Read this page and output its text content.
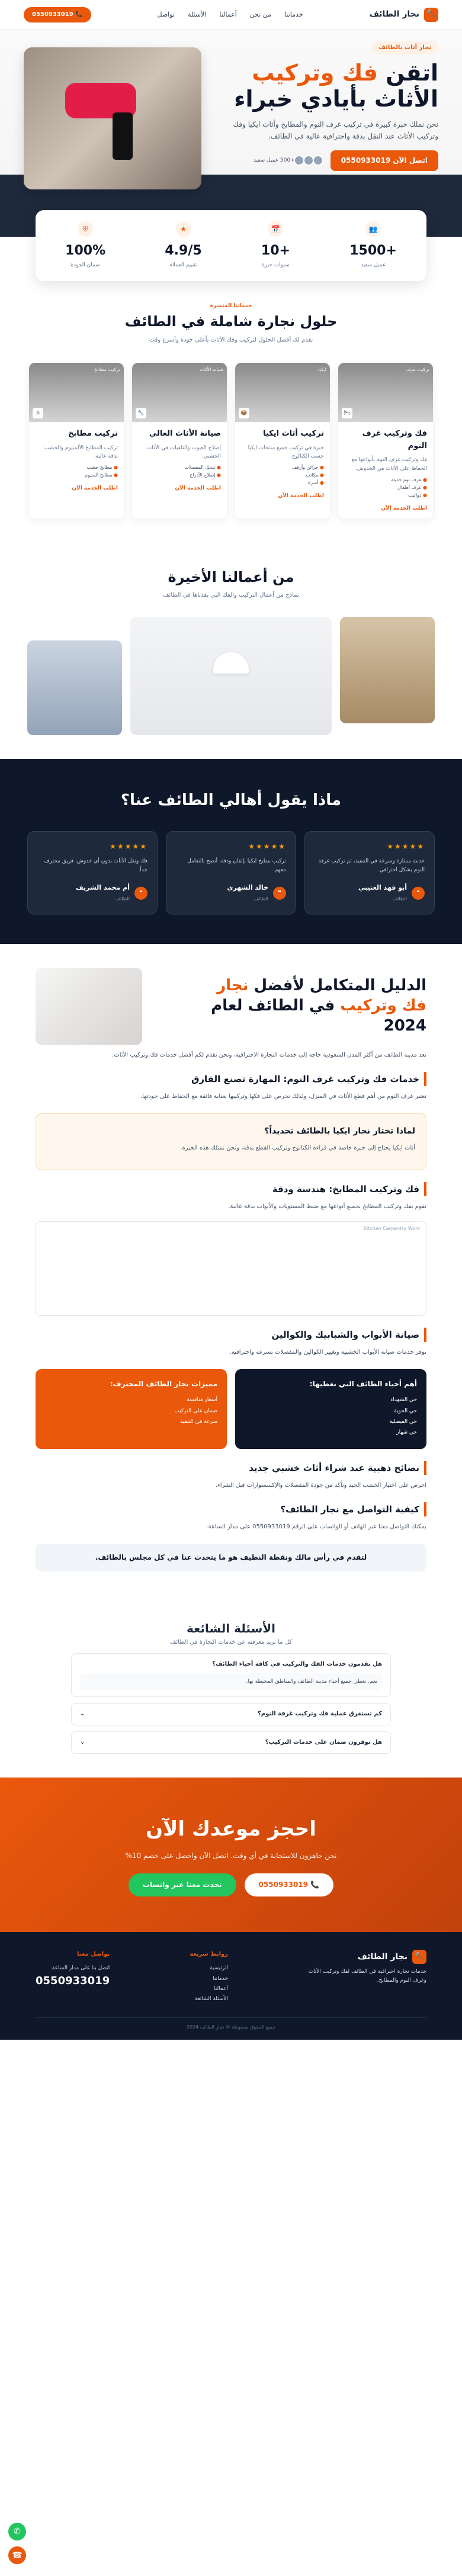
🔨
نجار الطائف
خدماتنا
من نحن
أعمالنا
الأسئلة
تواصل
📞 0550933019
نجار أثاث بالطائف
اتقن فك وتركيب الأثاث بأيادي خبراء

نحن نملك خبرة كبيرة في تركيب غرف النوم والمطابخ وأثاث ايكيا وفك وتركيب الأثاث عند النقل بدقة واحترافية عالية في الطائف.

اتصل الآن 0550933019
+500 عميل سعيد
👥
+1500
عميل سعيد
📅
+10
سنوات خبرة
★
4.9/5
تقييم العملاء
⛨
100%
ضمان الجودة
خدماتنا المتميزة
حلول نجارة شاملة في الطائف
نقدم لك أفضل الحلول لتركيب وفك الأثاث بأعلى جودة وأسرع وقت
تركيب غرف
🛏
فك وتركيب غرف النوم

فك وتركيب غرف النوم بأنواعها مع الحفاظ على الأثاث من الخدوش.

● غرف نوم حديثة
● غرف أطفال
● دواليب
اطلب الخدمة الآن
ايكيا
📦
تركيب أثاث ايكيا

خبرة في تركيب جميع منتجات ايكيا حسب الكتالوج.

● خزائن وأرفف
● مكاتب
● أسرة
اطلب الخدمة الآن
صيانة الأثاث
🔧
صيانة الأثاث العالي

إصلاح العيوب والتلفيات في الأثاث الخشبي.

● تبديل المفصلات
● إصلاح الأدراج
اطلب الخدمة الآن
تركيب مطابخ
⌂
تركيب مطابخ

تركيب المطابخ الألمنيوم والخشب بدقة عالية.

● مطابخ خشب
● مطابخ ألمنيوم
اطلب الخدمة الآن
من أعمالنا الأخيرة
نماذج من أعمال التركيب والفك التي نفذناها في الطائف
ماذا يقول أهالي الطائف عنا؟
★★★★★

خدمة ممتازة وسرعة في التنفيذ، تم تركيب غرفة النوم بشكل احترافي.

❝
أبو فهد العتيبي
الطائف
★★★★★

تركيب مطبخ ايكيا بإتقان ودقة، أنصح بالتعامل معهم.

❝
خالد الشهري
الطائف
★★★★★

فك ونقل الأثاث بدون أي خدوش، فريق محترف جداً.

❝
أم محمد الشريف
الطائف
الدليل المتكامل لأفضل نجار فك وتركيب في الطائف لعام 2024

تعد مدينة الطائف من أكثر المدن السعودية حاجة إلى خدمات النجارة الاحترافية، ونحن نقدم لكم أفضل خدمات فك وتركيب الأثاث.

خدمات فك وتركيب غرف النوم: المهارة تصنع الفارق

تعتبر غرف النوم من أهم قطع الأثاث في المنزل، ولذلك نحرص على فكها وتركيبها بعناية فائقة مع الحفاظ على جودتها.

لماذا تختار نجار ايكيا بالطائف تحديداً؟

أثاث ايكيا يحتاج إلى خبرة خاصة في قراءة الكتالوج وتركيب القطع بدقة، ونحن نمتلك هذه الخبرة.

فك وتركيب المطابخ: هندسة ودقة

نقوم بفك وتركيب المطابخ بجميع أنواعها مع ضبط المستويات والأبواب بدقة عالية.

Kitchen Carpentry Work
صيانة الأبواب والشبابيك والكوالين

نوفر خدمات صيانة الأبواب الخشبية وتغيير الكوالين والمفصلات بسرعة واحترافية.

أهم أحياء الطائف التي نغطيها:
حي الشهداء
حي الحوية
حي الفيصلية
حي شهار
مميزات نجار الطائف المحترف:
أسعار منافسة
ضمان على التركيب
سرعة في التنفيذ
نصائح ذهبية عند شراء أثاث خشبي جديد

احرص على اختيار الخشب الجيد وتأكد من جودة المفصلات والإكسسوارات قبل الشراء.

كيفية التواصل مع نجار الطائف؟

يمكنك التواصل معنا عبر الهاتف أو الواتساب على الرقم 0550933019 على مدار الساعة.

لتقدم في رأس مالك ونقطة النظيف هو ما يتحدث عنا في كل مجلس بالطائف.
الأسئلة الشائعة
كل ما تريد معرفته عن خدمات النجارة في الطائف
هل تقدمون خدمات الفك والتركيب في كافة أحياء الطائف؟
نعم، نغطي جميع أحياء مدينة الطائف والمناطق المحيطة بها.
كم تستغرق عملية فك وتركيب غرفة النوم؟
⌄
هل توفرون ضمان على خدمات التركيب؟
⌄
احجز موعدك الآن

نحن جاهزون للاستجابة في أي وقت. اتصل الآن واحصل على خصم 10%

📞 0550933019
تحدث معنا عبر واتساب
🔨
نجار الطائف

خدمات نجارة احترافية في الطائف لفك وتركيب الأثاث وغرف النوم والمطابخ.

روابط سريعة
الرئيسية
خدماتنا
أعمالنا
الأسئلة الشائعة
تواصل معنا

اتصل بنا على مدار الساعة

0550933019
جميع الحقوق محفوظة © نجار الطائف 2024
✆
☎
